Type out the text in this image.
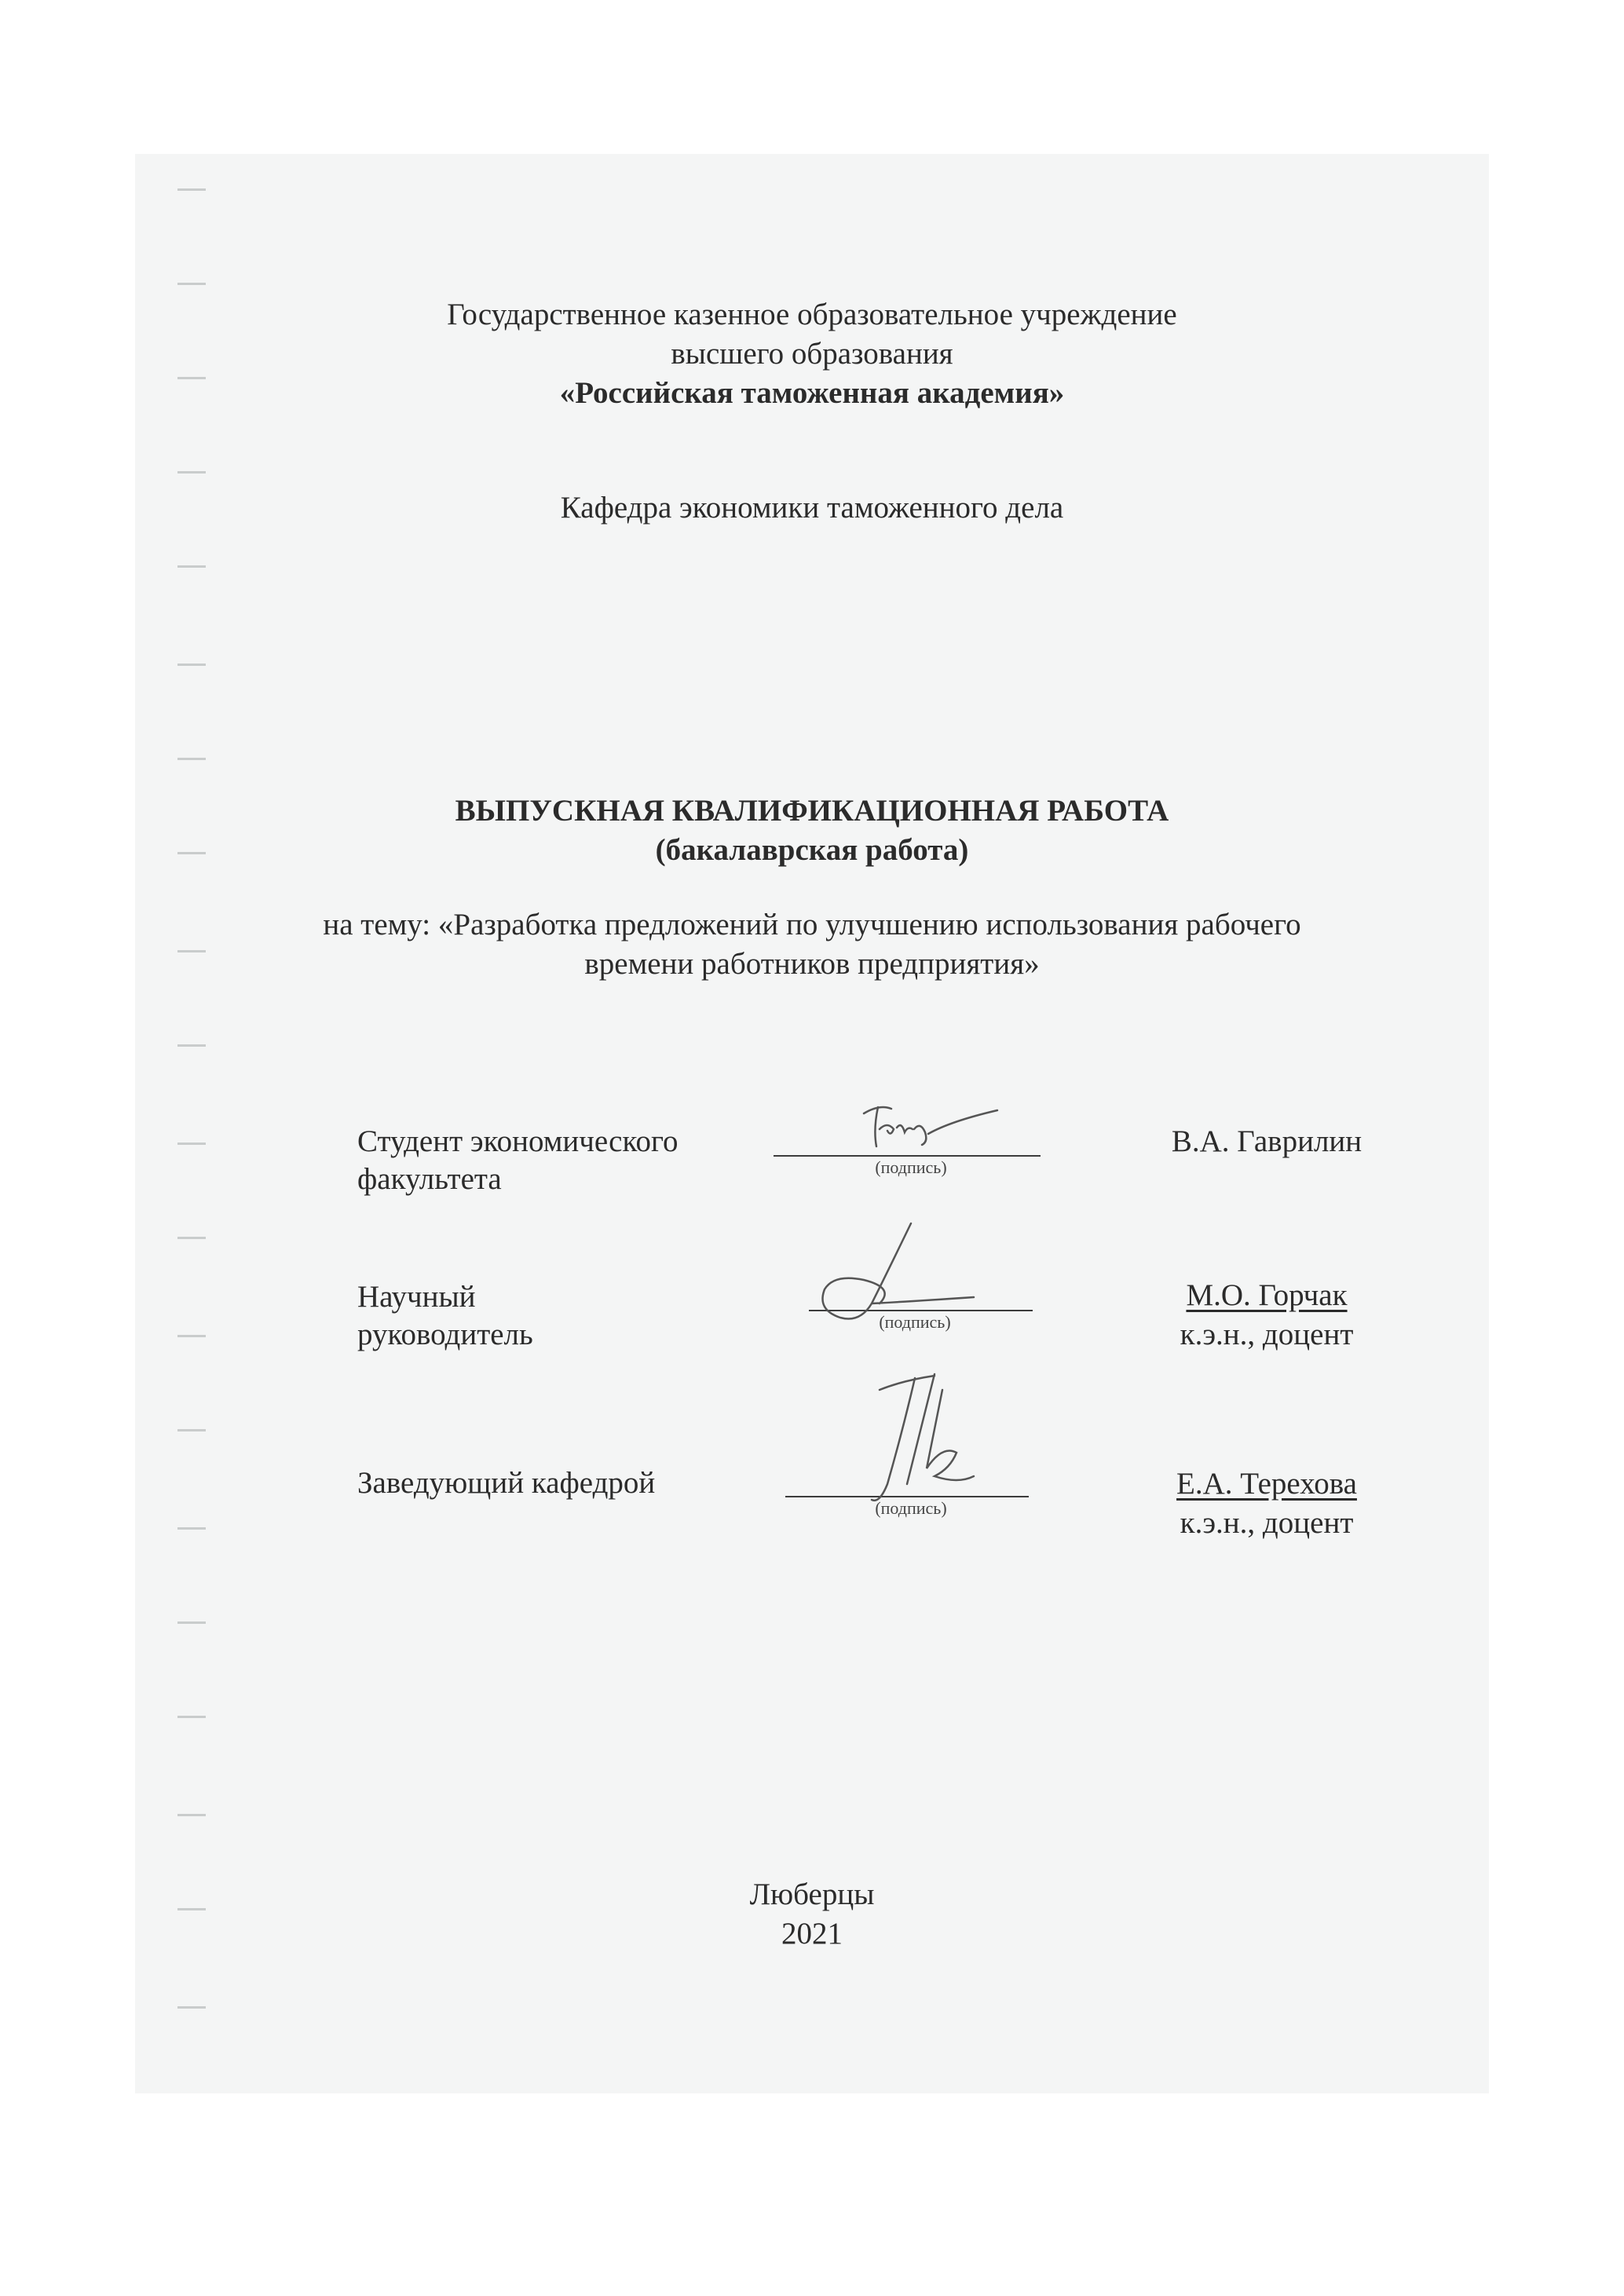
Государственное казенное образовательное учреждение
высшего образования
«Российская таможенная академия»
Кафедра экономики таможенного дела
ВЫПУСКНАЯ КВАЛИФИКАЦИОННАЯ РАБОТА
(бакалаврская работа)
на тему: «Разработка предложений по улучшению использования рабочего
времени работников предприятия»
Студент экономического
факультета	(подпись)
В.А. Гаврилин
Научный
руководитель	(подпись)
М.О. Горчак
к.э.н., доцент
Заведующий кафедрой
(подпись)
Е.А. Терехова
к.э.н., доцент
Люберцы
2021
